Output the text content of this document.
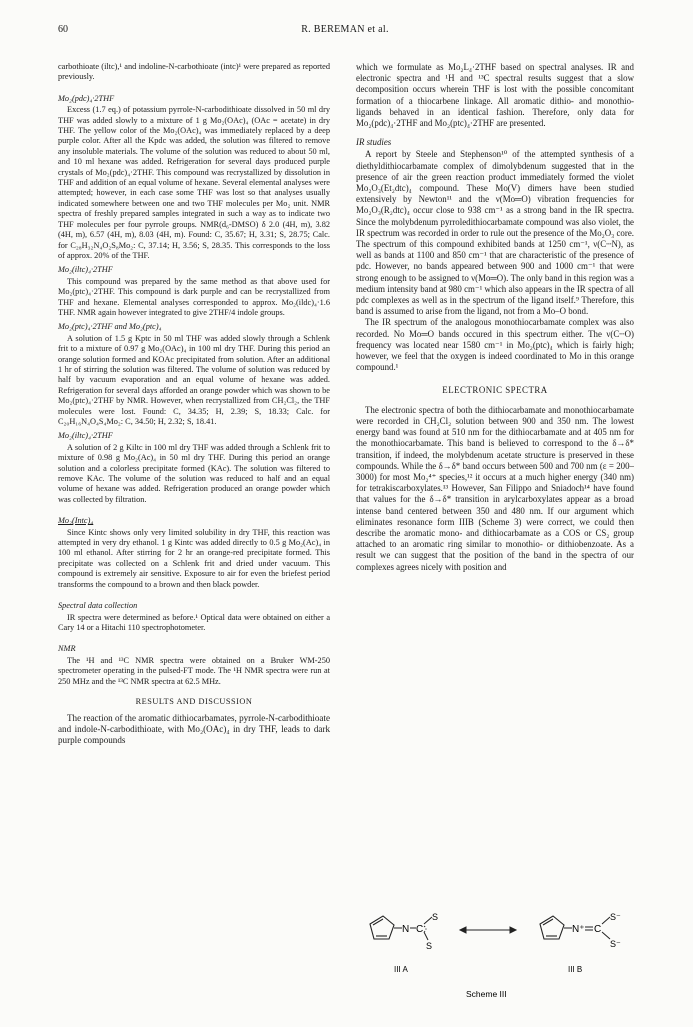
60	R. BEREMAN et al.

carbothioate (iltc),¹ and indoline-N-carbothioate (intc)¹ were prepared as reported previously.

Mo₂(pdc)₄·2THF

Excess (1.7 eq.) of potassium pyrrole-N-carbodithioate dissolved in 50 ml dry THF was added slowly to a mixture of 1 g Mo₂(OAc)₄ (OAc = acetate) in dry THF. The yellow color of the Mo₂(OAc)₄ was immediately replaced by a deep purple color. After all the Kpdc was added, the solution was filtered to remove any insoluble materials. The volume of the solution was reduced to about 50 ml, and 10 ml hexane was added. Refrigeration for several days produced purple crystals of Mo₂(pdc)₄·2THF. This compound was recrystallized by dissolution in THF and addition of an equal volume of hexane. Several elemental analyses were attempted; however, in each case some THF was lost so that analyses usually indicated somewhere between one and two THF molecules per Mo₂ unit. NMR spectra of freshly prepared samples integrated in such a way as to indicate two THF molecules per four pyrrole groups. NMR(d₆-DMSO) δ 2.0 (4H, m), 3.82 (4H, m), 6.57 (4H, m), 8.03 (4H, m). Found: C, 35.67; H, 3.31; S, 28.75; Calc. for C₂₈H₃₂N₄O₂S₈Mo₂: C, 37.14; H, 3.56; S, 28.35. This corresponds to the loss of approx. 20% of the THF.

Mo₂(iltc)₄·2THF

This compound was prepared by the same method as that above used for Mo₂(ptc)₄·2THF. This compound is dark purple and can be recrystallized from THF and hexane. Elemental analyses corresponded to approx. Mo₂(ildc)₄·1.6 THF. NMR again however integrated to give 2THF/4 indole groups.

Mo₂(ptc)₄·2THF and Mo₂(ptc)₄

A solution of 1.5 g Kptc in 50 ml THF was added slowly through a Schlenk frit to a mixture of 0.97 g Mo₂(OAc)₄ in 100 ml dry THF. During this period an orange solution formed and KOAc precipitated from solution. After an additional 1 hr of stirring the solution was filtered. The volume of solution was reduced by half by vacuum evaporation and an equal volume of hexane was added. Refrigeration for several days afforded an orange powder which was shown to be Mo₂(ptc)₄·2THF by NMR. However, when recrystallized from CH₂Cl₂, the THF molecules were lost. Found: C, 34.35; H, 2.39; S, 18.33; Calc. for C₂₀H₁₆N₄O₄S₄Mo₂: C, 34.50; H, 2.32; S, 18.41.

Mo₂(iltc)₄·2THF

A solution of 2 g Kiltc in 100 ml dry THF was added through a Schlenk frit to mixture of 0.98 g Mo₂(Ac)₄ in 50 ml dry THF. During this period an orange solution and a colorless precipitate formed (KAc). The solution was filtered to remove KAc. The volume of the solution was reduced to half and an equal volume of hexane was added. Refrigeration produced an orange powder which was collected by filtration.

Mo₂(Intc)₄

Since Kintc shows only very limited solubility in dry THF, this reaction was attempted in very dry ethanol. 1 g Kintc was added directly to 0.5 g Mo₂(Ac)₄ in 100 ml ethanol. After stirring for 2 hr an orange-red precipitate formed. This precipitate was collected on a Schlenk frit and dried under vacuum. This compound is extremely air sensitive. Exposure to air for even the briefest period transforms the compound to a brown and then black powder.

Spectral data collection

IR spectra were determined as before.¹ Optical data were obtained on either a Cary 14 or a Hitachi 110 spectrophotometer.

NMR

The ¹H and ¹³C NMR spectra were obtained on a Bruker WM-250 spectrometer operating in the pulsed-FT mode. The ¹H NMR spectra were run at 250 MHz and the ¹³C NMR spectra at 62.5 MHz.

RESULTS AND DISCUSSION

The reaction of the aromatic dithiocarbamates, pyrrole-N-carbodithioate and indole-N-carbodithioate, with Mo₂(OAc)₄ in dry THF, leads to dark purple compounds

which we formulate as Mo₂L₄·2THF based on spectral analyses. IR and electronic spectra and ¹H and ¹³C spectral results suggest that a slow decomposition occurs wherein THF is lost with the possible concomitant formation of a thiocarbene linkage. All aromatic dithio- and monothio- ligands behaved in an identical fashion. Therefore, only data for Mo₂(pdc)₄·2THF and Mo₂(ptc)₄·2THF are presented.

IR studies

A report by Steele and Stephenson¹⁰ of the attempted synthesis of a diethyldithiocarbamate complex of dimolybdenum suggested that in the presence of air the green reaction product immediately formed the violet Mo₂O₃(Et₂dtc)₄ compound. These Mo(V) dimers have been studied extensively by Newton¹¹ and the ν(Mo═O) vibration frequencies for Mo₂O₃(R₂dtc)₄ occur close to 938 cm⁻¹ as a strong band in the IR spectra. Since the molybdenum pyrroledithiocarbamate compound was also violet, the IR spectrum was recorded in order to rule out the presence of the Mo₂O₃ core. The spectrum of this compound exhibited bands at 1250 cm⁻¹, ν(C┄N), as well as bands at 1100 and 850 cm⁻¹ that are characteristic of the presence of pdc. However, no bands appeared between 900 and 1000 cm⁻¹ that were strong enough to be assigned to ν(Mo═O). The only band in this region was a medium intensity band at 980 cm⁻¹ which also appears in the IR spectra of all pdc complexes as well as in the spectrum of the ligand itself.⁹ Therefore, this band is assumed to arise from the ligand, not from a Mo–O bond.

The IR spectrum of the analogous monothiocarbamate complex was also recorded. No Mo═O bands occured in this spectrum either. The ν(C┄O) frequency was located near 1580 cm⁻¹ in Mo₂(ptc)₄ which is fairly high; however, we feel that the oxygen is indeed coordinated to Mo in this orange compound.¹

ELECTRONIC SPECTRA

The electronic spectra of both the dithiocarbamate and monothiocarbamate were recorded in CH₂Cl₂ solution between 900 and 350 nm. The lowest energy band was found at 510 nm for the dithiocarbamate and at 405 nm for the monothiocarbamate. This band is believed to correspond to the δ→δ* transition, if indeed, the molybdenum acetate structure is preserved in these compounds. While the δ→δ* band occurs between 500 and 700 nm (ε = 200–3000) for most Mo₂⁴⁺ species,¹² it occurs at a much higher energy (340 nm) for tetrakiscarboxylates.¹³ However, San Filippo and Sniadoch¹⁴ have found that values for the δ→δ* transition in arylcarboxylates appear as a broad intense band centered between 350 and 480 nm. If our argument which eliminates resonance form IIIB (Scheme 3) were correct, we could then describe the aromatic mono- and dithiocarbamate as a COS or CS₂ group attached to an aromatic ring similar to monothio- or dithiobenzoate. As a result we can suggest that the position of the band in the spectra of our complexes agrees nicely with position and

N C
S
S
N⁺ C
S⁻
S⁻
III A	III B
Scheme III
